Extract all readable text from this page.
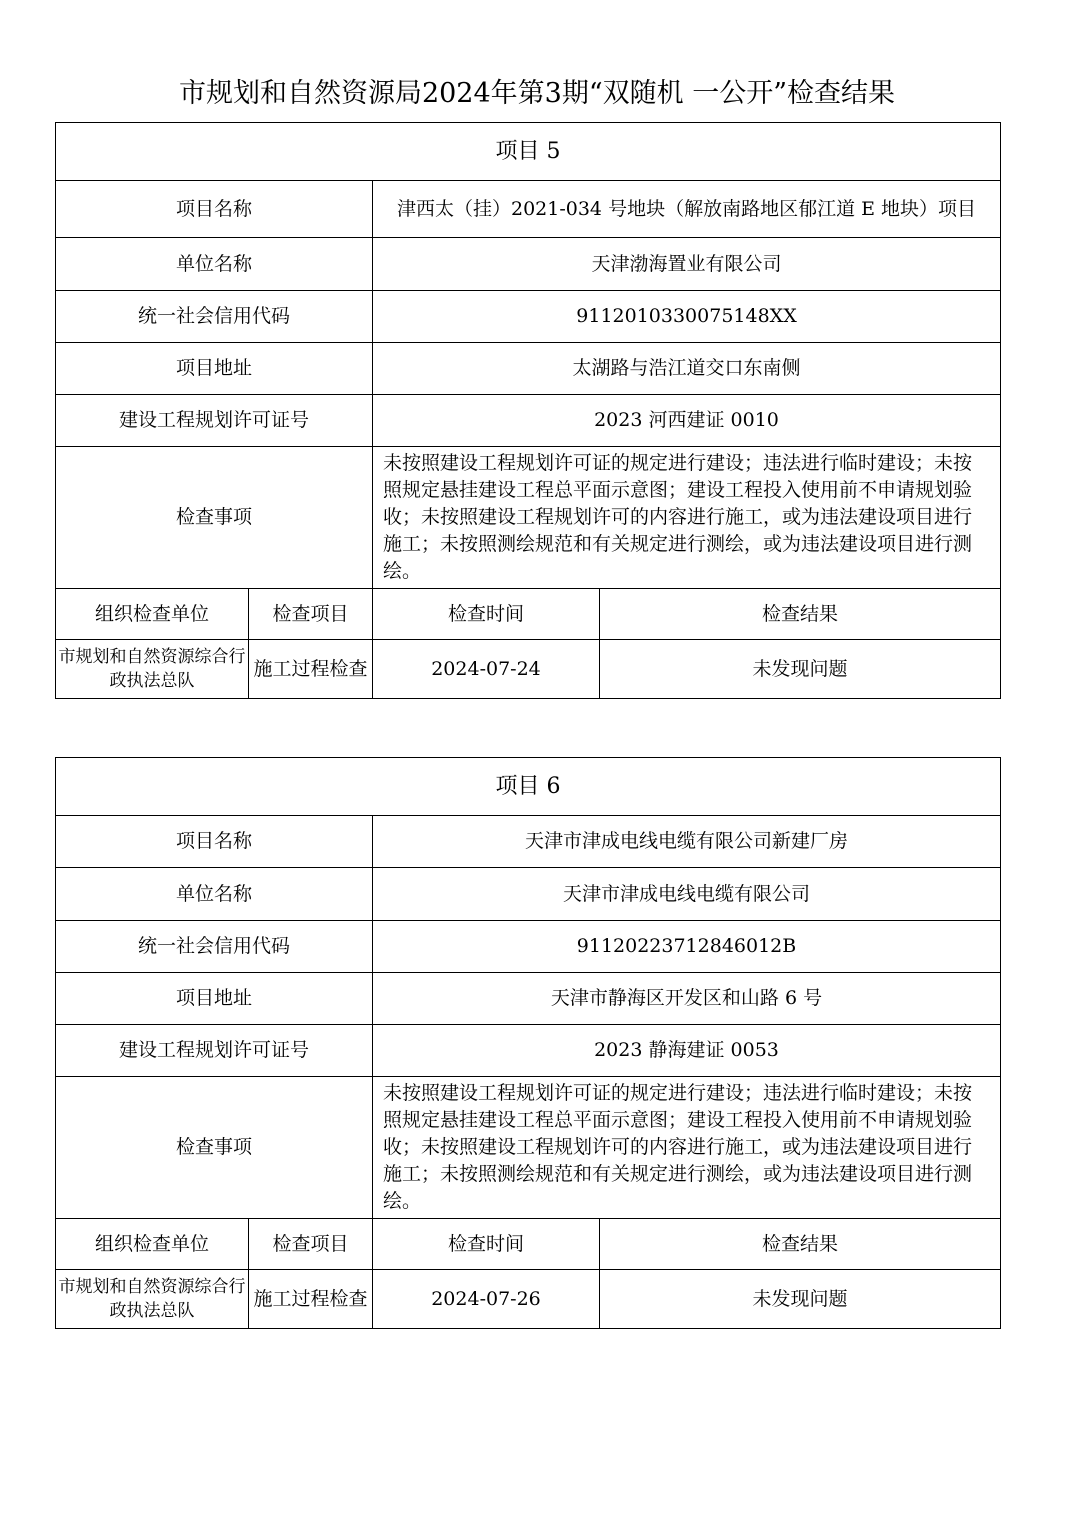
市规划和自然资源局2024年第3期“双随机 一公开”检查结果
项目 5			
项目名称		津西太（挂）2021-034 号地块（解放南路地区郁江道 E 地块）项目	
单位名称		天津渤海置业有限公司	
统一社会信用代码		9112010330075148XX	
项目地址		太湖路与浩江道交口东南侧	
建设工程规划许可证号		2023 河西建证 0010	
检查事项		未按照建设工程规划许可证的规定进行建设；违法进行临时建设；未按照规定悬挂建设工程总平面示意图；建设工程投入使用前不申请规划验收；未按照建设工程规划许可的内容进行施工，或为违法建设项目进行施工；未按照测绘规范和有关规定进行测绘，或为违法建设项目进行测绘。	
组织检查单位	检查项目	检查时间	检查结果
市规划和自然资源综合行政执法总队	施工过程检查	2024-07-24	未发现问题
项目 6			
项目名称		天津市津成电线电缆有限公司新建厂房	
单位名称		天津市津成电线电缆有限公司	
统一社会信用代码		91120223712846012B	
项目地址		天津市静海区开发区和山路 6 号	
建设工程规划许可证号		2023 静海建证 0053	
检查事项		未按照建设工程规划许可证的规定进行建设；违法进行临时建设；未按照规定悬挂建设工程总平面示意图；建设工程投入使用前不申请规划验收；未按照建设工程规划许可的内容进行施工，或为违法建设项目进行施工；未按照测绘规范和有关规定进行测绘，或为违法建设项目进行测绘。	
组织检查单位	检查项目	检查时间	检查结果
市规划和自然资源综合行政执法总队	施工过程检查	2024-07-26	未发现问题
